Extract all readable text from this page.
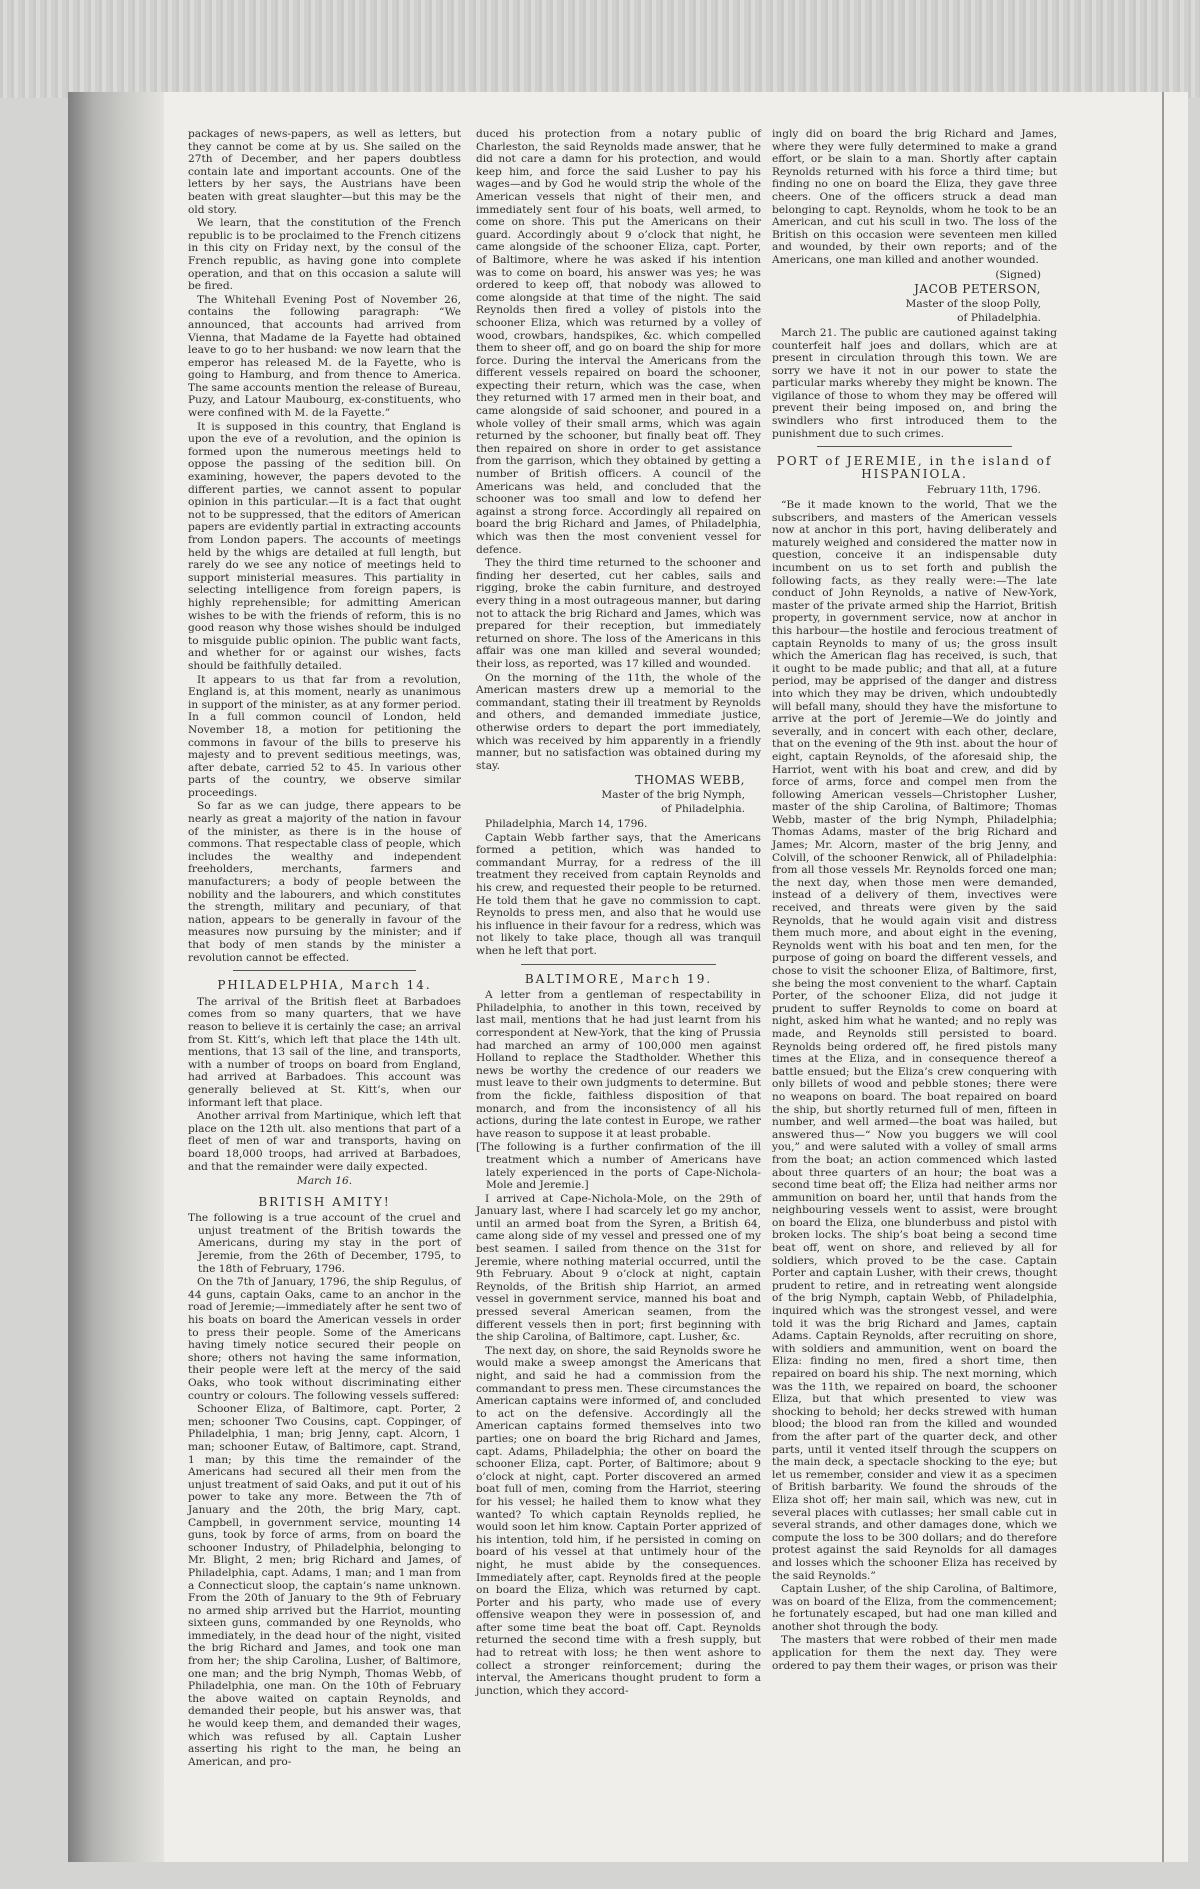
packages of news-papers, as well as letters, but they cannot be come at by us. She sailed on the 27th of December, and her papers doubtless contain late and important accounts. One of the letters by her says, the Austrians have been beaten with great slaughter—but this may be the old story.

We learn, that the constitution of the French republic is to be proclaimed to the French citizens in this city on Friday next, by the consul of the French republic, as having gone into complete operation, and that on this occasion a salute will be fired.

The Whitehall Evening Post of November 26, contains the following paragraph: “We announced, that accounts had arrived from Vienna, that Madame de la Fayette had obtained leave to go to her husband: we now learn that the emperor has released M. de la Fayette, who is going to Hamburg, and from thence to America. The same accounts mention the release of Bureau, Puzy, and Latour Maubourg, ex-constituents, who were confined with M. de la Fayette.”

It is supposed in this country, that England is upon the eve of a revolution, and the opinion is formed upon the numerous meetings held to oppose the passing of the sedition bill. On examining, however, the papers devoted to the different parties, we cannot assent to popular opinion in this particular.—It is a fact that ought not to be suppressed, that the editors of American papers are evidently partial in extracting accounts from London papers. The accounts of meetings held by the whigs are detailed at full length, but rarely do we see any notice of meetings held to support ministerial measures. This partiality in selecting intelligence from foreign papers, is highly reprehensible; for admitting American wishes to be with the friends of reform, this is no good reason why those wishes should be indulged to misguide public opinion. The public want facts, and whether for or against our wishes, facts should be faithfully detailed.

It appears to us that far from a revolution, England is, at this moment, nearly as unanimous in support of the minister, as at any former period. In a full common council of London, held November 18, a motion for petitioning the commons in favour of the bills to preserve his majesty and to prevent seditious meetings, was, after debate, carried 52 to 45. In various other parts of the country, we observe similar proceedings.

So far as we can judge, there appears to be nearly as great a majority of the nation in favour of the minister, as there is in the house of commons. That respectable class of people, which includes the wealthy and independent freeholders, merchants, farmers and manufacturers; a body of people between the nobility and the labourers, and which constitutes the strength, military and pecuniary, of that nation, appears to be generally in favour of the measures now pursuing by the minister; and if that body of men stands by the minister a revolution cannot be effected.

PHILADELPHIA, March 14.

The arrival of the British fleet at Barbadoes comes from so many quarters, that we have reason to believe it is certainly the case; an arrival from St. Kitt’s, which left that place the 14th ult. mentions, that 13 sail of the line, and transports, with a number of troops on board from England, had arrived at Barbadoes. This account was generally believed at St. Kitt’s, when our informant left that place.

Another arrival from Martinique, which left that place on the 12th ult. also mentions that part of a fleet of men of war and transports, having on board 18,000 troops, had arrived at Barbadoes, and that the remainder were daily expected.

March 16.
BRITISH AMITY!

The following is a true account of the cruel and unjust treatment of the British towards the Americans, during my stay in the port of Jeremie, from the 26th of December, 1795, to the 18th of February, 1796.

On the 7th of January, 1796, the ship Regulus, of 44 guns, captain Oaks, came to an anchor in the road of Jeremie;—immediately after he sent two of his boats on board the American vessels in order to press their people. Some of the Americans having timely notice secured their people on shore; others not having the same information, their people were left at the mercy of the said Oaks, who took without discriminating either country or colours. The following vessels suffered:

Schooner Eliza, of Baltimore, capt. Porter, 2 men; schooner Two Cousins, capt. Coppinger, of Philadelphia, 1 man; brig Jenny, capt. Alcorn, 1 man; schooner Eutaw, of Baltimore, capt. Strand, 1 man; by this time the remainder of the Americans had secured all their men from the unjust treatment of said Oaks, and put it out of his power to take any more. Between the 7th of January and the 20th, the brig Mary, capt. Campbell, in government service, mounting 14 guns, took by force of arms, from on board the schooner Industry, of Philadelphia, belonging to Mr. Blight, 2 men; brig Richard and James, of Philadelphia, capt. Adams, 1 man; and 1 man from a Connecticut sloop, the captain’s name unknown. From the 20th of January to the 9th of February no armed ship arrived but the Harriot, mounting sixteen guns, commanded by one Reynolds, who immediately, in the dead hour of the night, visited the brig Richard and James, and took one man from her; the ship Carolina, Lusher, of Baltimore, one man; and the brig Nymph, Thomas Webb, of Philadelphia, one man. On the 10th of February the above waited on captain Reynolds, and demanded their people, but his answer was, that he would keep them, and demanded their wages, which was refused by all. Captain Lusher asserting his right to the man, he being an American, and pro-

duced his protection from a notary public of Charleston, the said Reynolds made answer, that he did not care a damn for his protection, and would keep him, and force the said Lusher to pay his wages—and by God he would strip the whole of the American vessels that night of their men, and immediately sent four of his boats, well armed, to come on shore. This put the Americans on their guard. Accordingly about 9 o’clock that night, he came alongside of the schooner Eliza, capt. Porter, of Baltimore, where he was asked if his intention was to come on board, his answer was yes; he was ordered to keep off, that nobody was allowed to come alongside at that time of the night. The said Reynolds then fired a volley of pistols into the schooner Eliza, which was returned by a volley of wood, crowbars, handspikes, &c. which compelled them to sheer off, and go on board the ship for more force. During the interval the Americans from the different vessels repaired on board the schooner, expecting their return, which was the case, when they returned with 17 armed men in their boat, and came alongside of said schooner, and poured in a whole volley of their small arms, which was again returned by the schooner, but finally beat off. They then repaired on shore in order to get assistance from the garrison, which they obtained by getting a number of British officers. A council of the Americans was held, and concluded that the schooner was too small and low to defend her against a strong force. Accordingly all repaired on board the brig Richard and James, of Philadelphia, which was then the most convenient vessel for defence.

They the third time returned to the schooner and finding her deserted, cut her cables, sails and rigging, broke the cabin furniture, and destroyed every thing in a most outrageous manner, but daring not to attack the brig Richard and James, which was prepared for their reception, but immediately returned on shore. The loss of the Americans in this affair was one man killed and several wounded; their loss, as reported, was 17 killed and wounded.

On the morning of the 11th, the whole of the American masters drew up a memorial to the commandant, stating their ill treatment by Reynolds and others, and demanded immediate justice, otherwise orders to depart the port immediately, which was received by him apparently in a friendly manner, but no satisfaction was obtained during my stay.

THOMAS WEBB,
Master of the brig Nymph,
of Philadelphia.

Philadelphia, March 14, 1796.

Captain Webb farther says, that the Americans formed a petition, which was handed to commandant Murray, for a redress of the ill treatment they received from captain Reynolds and his crew, and requested their people to be returned. He told them that he gave no commission to capt. Reynolds to press men, and also that he would use his influence in their favour for a redress, which was not likely to take place, though all was tranquil when he left that port.

BALTIMORE, March 19.

A letter from a gentleman of respectability in Philadelphia, to another in this town, received by last mail, mentions that he had just learnt from his correspondent at New-York, that the king of Prussia had marched an army of 100,000 men against Holland to replace the Stadtholder. Whether this news be worthy the credence of our readers we must leave to their own judgments to determine. But from the fickle, faithless disposition of that monarch, and from the inconsistency of all his actions, during the late contest in Europe, we rather have reason to suppose it at least probable.

[The following is a further confirmation of the ill treatment which a number of Americans have lately experienced in the ports of Cape-Nichola-Mole and Jeremie.]

I arrived at Cape-Nichola-Mole, on the 29th of January last, where I had scarcely let go my anchor, until an armed boat from the Syren, a British 64, came along side of my vessel and pressed one of my best seamen. I sailed from thence on the 31st for Jeremie, where nothing material occurred, until the 9th February. About 9 o’clock at night, captain Reynolds, of the British ship Harriot, an armed vessel in government service, manned his boat and pressed several American seamen, from the different vessels then in port; first beginning with the ship Carolina, of Baltimore, capt. Lusher, &c.

The next day, on shore, the said Reynolds swore he would make a sweep amongst the Americans that night, and said he had a commission from the commandant to press men. These circumstances the American captains were informed of, and concluded to act on the defensive. Accordingly all the American captains formed themselves into two parties; one on board the brig Richard and James, capt. Adams, Philadelphia; the other on board the schooner Eliza, capt. Porter, of Baltimore; about 9 o’clock at night, capt. Porter discovered an armed boat full of men, coming from the Harriot, steering for his vessel; he hailed them to know what they wanted? To which captain Reynolds replied, he would soon let him know. Captain Porter apprized of his intention, told him, if he persisted in coming on board of his vessel at that untimely hour of the night, he must abide by the consequences. Immediately after, capt. Reynolds fired at the people on board the Eliza, which was returned by capt. Porter and his party, who made use of every offensive weapon they were in possession of, and after some time beat the boat off. Capt. Reynolds returned the second time with a fresh supply, but had to retreat with loss; he then went ashore to collect a stronger reinforcement; during the interval, the Americans thought prudent to form a junction, which they accord-

ingly did on board the brig Richard and James, where they were fully determined to make a grand effort, or be slain to a man. Shortly after captain Reynolds returned with his force a third time; but finding no one on board the Eliza, they gave three cheers. One of the officers struck a dead man belonging to capt. Reynolds, whom he took to be an American, and cut his scull in two. The loss of the British on this occasion were seventeen men killed and wounded, by their own reports; and of the Americans, one man killed and another wounded.

(Signed)
JACOB PETERSON,
Master of the sloop Polly,
of Philadelphia.

March 21. The public are cautioned against taking counterfeit half joes and dollars, which are at present in circulation through this town. We are sorry we have it not in our power to state the particular marks whereby they might be known. The vigilance of those to whom they may be offered will prevent their being imposed on, and bring the swindlers who first introduced them to the punishment due to such crimes.

PORT of JEREMIE, in the island of HISPANIOLA.
February 11th, 1796.

“Be it made known to the world, That we the subscribers, and masters of the American vessels now at anchor in this port, having deliberately and maturely weighed and considered the matter now in question, conceive it an indispensable duty incumbent on us to set forth and publish the following facts, as they really were:—The late conduct of John Reynolds, a native of New-York, master of the private armed ship the Harriot, British property, in government service, now at anchor in this harbour—the hostile and ferocious treatment of captain Reynolds to many of us; the gross insult which the American flag has received, is such, that it ought to be made public; and that all, at a future period, may be apprised of the danger and distress into which they may be driven, which undoubtedly will befall many, should they have the misfortune to arrive at the port of Jeremie—We do jointly and severally, and in concert with each other, declare, that on the evening of the 9th inst. about the hour of eight, captain Reynolds, of the aforesaid ship, the Harriot, went with his boat and crew, and did by force of arms, force and compel men from the following American vessels—Christopher Lusher, master of the ship Carolina, of Baltimore; Thomas Webb, master of the brig Nymph, Philadelphia; Thomas Adams, master of the brig Richard and James; Mr. Alcorn, master of the brig Jenny, and Colvill, of the schooner Renwick, all of Philadelphia: from all those vessels Mr. Reynolds forced one man; the next day, when those men were demanded, instead of a delivery of them, invectives were received, and threats were given by the said Reynolds, that he would again visit and distress them much more, and about eight in the evening, Reynolds went with his boat and ten men, for the purpose of going on board the different vessels, and chose to visit the schooner Eliza, of Baltimore, first, she being the most convenient to the wharf. Captain Porter, of the schooner Eliza, did not judge it prudent to suffer Reynolds to come on board at night, asked him what he wanted; and no reply was made, and Reynolds still persisted to board. Reynolds being ordered off, he fired pistols many times at the Eliza, and in consequence thereof a battle ensued; but the Eliza’s crew conquering with only billets of wood and pebble stones; there were no weapons on board. The boat repaired on board the ship, but shortly returned full of men, fifteen in number, and well armed—the boat was hailed, but answered thus—“ Now you buggers we will cool you,” and were saluted with a volley of small arms from the boat; an action commenced which lasted about three quarters of an hour; the boat was a second time beat off; the Eliza had neither arms nor ammunition on board her, until that hands from the neighbouring vessels went to assist, were brought on board the Eliza, one blunderbuss and pistol with broken locks. The ship’s boat being a second time beat off, went on shore, and relieved by all for soldiers, which proved to be the case. Captain Porter and captain Lusher, with their crews, thought prudent to retire, and in retreating went alongside of the brig Nymph, captain Webb, of Philadelphia, inquired which was the strongest vessel, and were told it was the brig Richard and James, captain Adams. Captain Reynolds, after recruiting on shore, with soldiers and ammunition, went on board the Eliza: finding no men, fired a short time, then repaired on board his ship. The next morning, which was the 11th, we repaired on board, the schooner Eliza, but that which presented to view was shocking to behold; her decks strewed with human blood; the blood ran from the killed and wounded from the after part of the quarter deck, and other parts, until it vented itself through the scuppers on the main deck, a spectacle shocking to the eye; but let us remember, consider and view it as a specimen of British barbarity. We found the shrouds of the Eliza shot off; her main sail, which was new, cut in several places with cutlasses; her small cable cut in several strands, and other damages done, which we compute the loss to be 300 dollars; and do therefore protest against the said Reynolds for all damages and losses which the schooner Eliza has received by the said Reynolds.”

Captain Lusher, of the ship Carolina, of Baltimore, was on board of the Eliza, from the commencement; he fortunately escaped, but had one man killed and another shot through the body.

The masters that were robbed of their men made application for them the next day. They were ordered to pay them their wages, or prison was their
